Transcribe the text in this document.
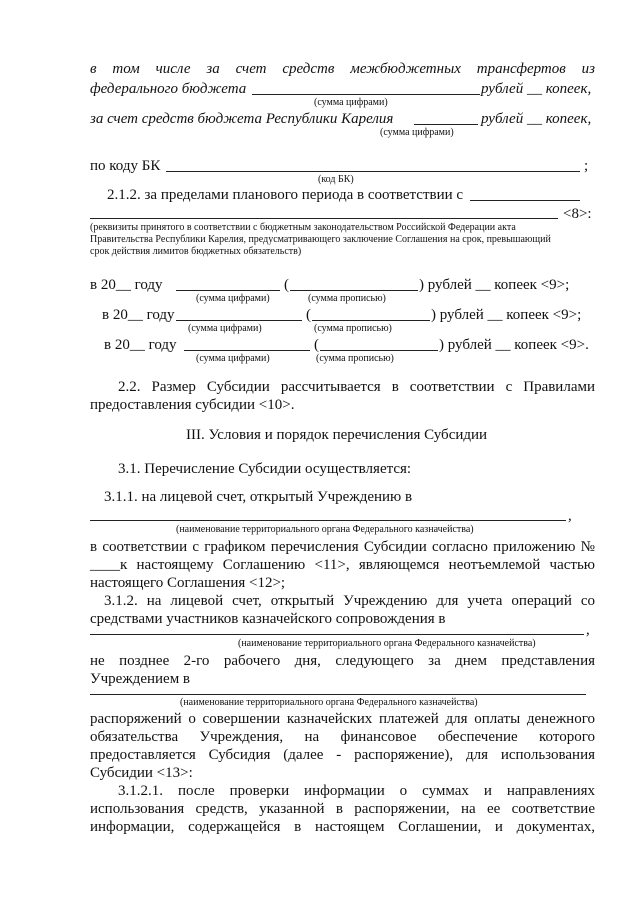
в том числе за счет средств межбюджетных трансфертов из
федерального бюджета	рублей __ копеек,
(сумма цифрами)
за счет средств бюджета Республики Карелия	рублей __ копеек,
(сумма цифрами)
по коду БК	;
(код БК)
2.1.2. за пределами планового периода в соответствии с
<8>:
(реквизиты принятого в соответствии с бюджетным законодательством Российской Федерации акта
Правительства Республики Карелия, предусматривающего заключение Соглашения на срок, превышающий
срок действия лимитов бюджетных обязательств)
в 20__ году	(	) рублей __ копеек <9>;
(сумма цифрами)	(сумма прописью)
в 20__ году	(	) рублей __ копеек <9>;
(сумма цифрами)	(сумма прописью)
в 20__ году	(	) рублей __ копеек <9>.
(сумма цифрами)	(сумма прописью)
2.2. Размер Субсидии рассчитывается в соответствии с Правилами
предоставления субсидии <10>.
III. Условия и порядок перечисления Субсидии
3.1. Перечисление Субсидии осуществляется:
3.1.1. на лицевой счет, открытый Учреждению в
,
(наименование территориального органа Федерального казначейства)
в соответствии с графиком перечисления Субсидии согласно приложению №
____к настоящему Соглашению <11>, являющемся неотъемлемой частью
настоящего Соглашения <12>;
3.1.2. на лицевой счет, открытый Учреждению для учета операций со
средствами участников казначейского сопровождения в
,
(наименование территориального органа Федерального казначейства)
не позднее 2-го рабочего дня, следующего за днем представления
Учреждением в
(наименование территориального органа Федерального казначейства)
распоряжений о совершении казначейских платежей для оплаты денежного
обязательства Учреждения, на финансовое обеспечение которого
предоставляется Субсидия (далее - распоряжение), для использования
Субсидии <13>:
3.1.2.1. после проверки информации о суммах и направлениях
использования средств, указанной в распоряжении, на ее соответствие
информации, содержащейся в настоящем Соглашении, и документах,
